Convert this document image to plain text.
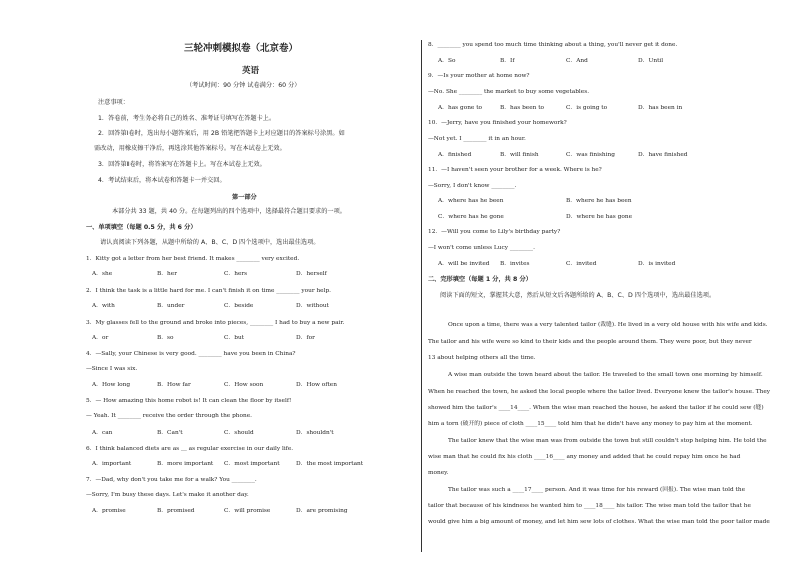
三轮冲刺模拟卷（北京卷）
英语
（考试时间：90 分钟 试卷满分：60 分）
注意事项：
1．答卷前，考生务必将自己的姓名、准考证号填写在答题卡上。
2．回答第Ⅰ卷时，选出每小题答案后，用 2B 铅笔把答题卡上对应题目的答案标号涂黑。如
需改动，用橡皮擦干净后，再选涂其他答案标号。写在本试卷上无效。
3．回答第Ⅱ卷时，将答案写在答题卡上。写在本试卷上无效。
4．考试结束后，将本试卷和答题卡一并交回。
第一部分
本部分共 33 题，共 40 分。在每题列出的四个选项中，选择最符合题目要求的一项。
一、单项填空（每题 0.5 分，共 6 分）
请认真阅读下列各题，从题中所给的 A、B、C、D 四个选项中，选出最佳选项。
1．Kitty got a letter from her best friend. It makes ________ very excited.
A．she	B．her	C．hers	D．herself
2．I think the task is a little hard for me. I can't finish it on time ________ your help.
A．with	B．under	C．beside	D．without
3．My glasses fell to the ground and broke into pieces, ________ I had to buy a new pair.
A．or	B．so	C．but	D．for
4．—Sally, your Chinese is very good. ________ have you been in China?
—Since I was six.
A．How long	B．How far	C．How soon	D．How often
5．— How amazing this home robot is! It can clean the floor by itself!
— Yeah. It ________ receive the order through the phone.
A．can	B．Can't	C．should	D．shouldn't
6．I think balanced diets are as ＿ as regular exercise in our daily life.
A．important	B．more important C．most important	D．the most important
7．—Dad, why don't you take me for a walk? You ________.
—Sorry, I'm busy these days. Let's make it another day.
A．promise	B．promised	C．will promise	D．are promising
8．________ you spend too much time thinking about a thing, you'll never get it done.
A．So	B．If	C．And	D．Until
9．—Is your mother at home now?
—No. She ________ the market to buy some vegetables.
A．has gone to	B．has been to	C．is going to	D．has been in
10．—Jerry, have you finished your homework?
—Not yet. I ________ it in an hour.
A．finished	B．will finish	C．was finishing	D．have finished
11．—I haven't seen your brother for a week. Where is he?
—Sorry, I don't know ________.
A．where has he been	B．where he has been
C．where has he gone	D．where he has gone
12．—Will you come to Lily's birthday party?
—I won't come unless Lucy ________.
A．will be invited B．invites	C．invited	D．is invited
二、完形填空（每题 1 分，共 8 分）
阅读下面的短文，掌握其大意，然后从短文后各题所给的 A、B、C、D 四个选项中，选出最佳选项。
Once upon a time, there was a very talented tailor (裁缝). He lived in a very old house with his wife and kids.
The tailor and his wife were so kind to their kids and the people around them. They were poor, but they never
13 about helping others all the time.
A wise man outside the town heard about the tailor. He traveled to the small town one morning by himself.
When he reached the town, he asked the local people where the tailor lived. Everyone knew the tailor's house. They
showed him the tailor's ____14____. When the wise man reached the house, he asked the tailor if he could sew (缝)
him a torn (破开的) piece of cloth ____15____ told him that he didn't have any money to pay him at the moment.
The tailor knew that the wise man was from outside the town but still couldn't stop helping him. He told the
wise man that he could fix his cloth ____16____ any money and added that he could repay him once he had
money.
The tailor was such a ____17____ person. And it was time for his reward (回报). The wise man told the
tailor that because of his kindness he wanted him to ____18____ his tailor. The wise man told the tailor that he
would give him a big amount of money, and let him sew lots of clothes. What the wise man told the poor tailor made
